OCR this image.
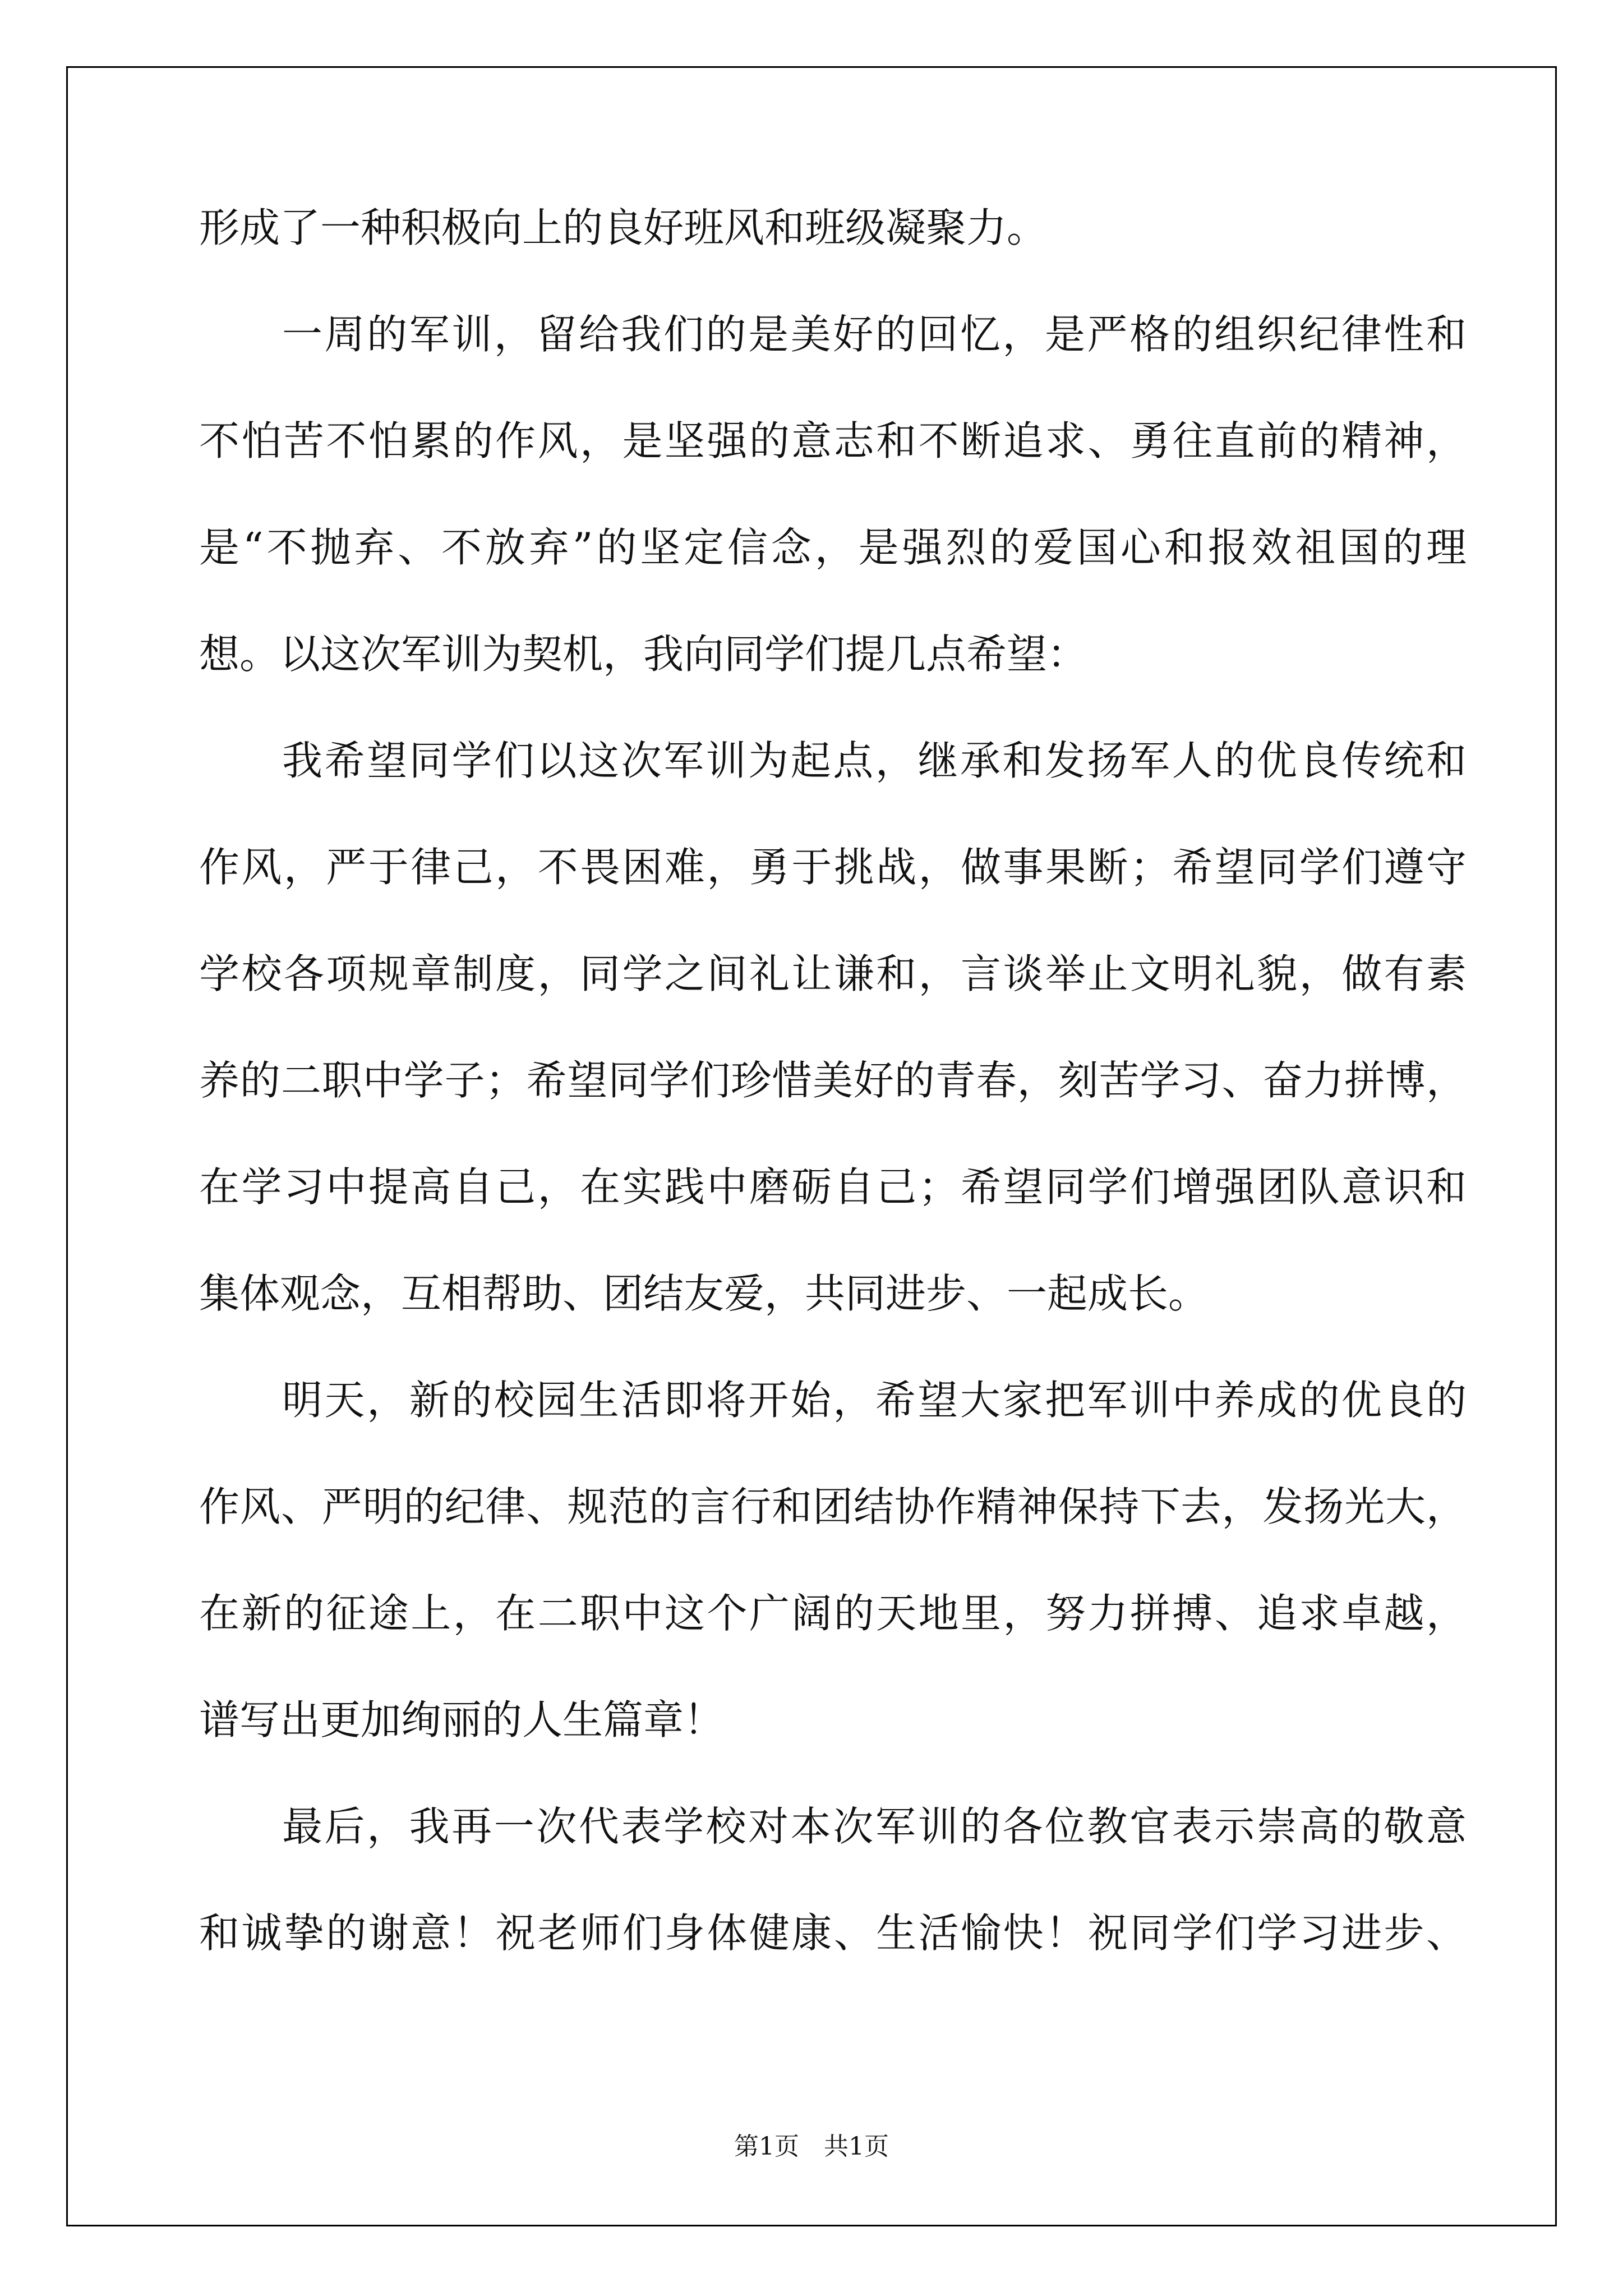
形成了一种积极向上的良好班风和班级凝聚力。
一周的军训，留给我们的是美好的回忆，是严格的组织纪律性和
不怕苦不怕累的作风，是坚强的意志和不断追求、勇往直前的精神，
是“不抛弃、不放弃”的坚定信念，是强烈的爱国心和报效祖国的理
想。以这次军训为契机，我向同学们提几点希望：
我希望同学们以这次军训为起点，继承和发扬军人的优良传统和
作风，严于律己，不畏困难，勇于挑战，做事果断；希望同学们遵守
学校各项规章制度，同学之间礼让谦和，言谈举止文明礼貌，做有素
养的二职中学子；希望同学们珍惜美好的青春，刻苦学习、奋力拼博，
在学习中提高自己，在实践中磨砺自己；希望同学们增强团队意识和
集体观念，互相帮助、团结友爱，共同进步、一起成长。
明天，新的校园生活即将开始，希望大家把军训中养成的优良的
作风、严明的纪律、规范的言行和团结协作精神保持下去，发扬光大，
在新的征途上，在二职中这个广阔的天地里，努力拼搏、追求卓越，
谱写出更加绚丽的人生篇章！
最后，我再一次代表学校对本次军训的各位教官表示崇高的敬意
和诚挚的谢意！祝老师们身体健康、生活愉快！祝同学们学习进步、
第1页　共1页
